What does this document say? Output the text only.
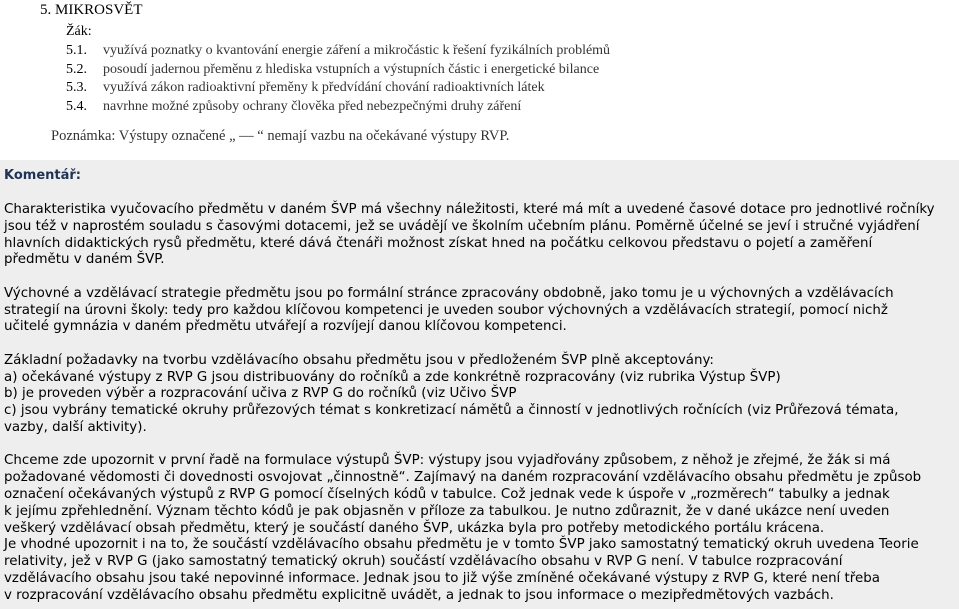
5. MIKROSVĚT
Žák:
5.1. využívá poznatky o kvantování energie záření a mikročástic k řešení fyzikálních problémů
5.2. posoudí jadernou přeměnu z hlediska vstupních a výstupních částic i energetické bilance
5.3. využívá zákon radioaktivní přeměny k předvídání chování radioaktivních látek
5.4. navrhne možné způsoby ochrany člověka před nebezpečnými druhy záření
Poznámka: Výstupy označené „ — “ nemají vazbu na očekávané výstupy RVP.
Komentář:

Charakteristika vyučovacího předmětu v daném ŠVP má všechny náležitosti, které má mít a uvedené časové dotace pro jednotlivé ročníky
jsou též v naprostém souladu s časovými dotacemi, jež se uvádějí ve školním učebním plánu. Poměrně účelné se jeví i stručné vyjádření
hlavních didaktických rysů předmětu, které dává čtenáři možnost získat hned na počátku celkovou představu o pojetí a zaměření
předmětu v daném ŠVP.

Výchovné a vzdělávací strategie předmětu jsou po formální stránce zpracovány obdobně, jako tomu je u výchovných a vzdělávacích
strategií na úrovni školy: tedy pro každou klíčovou kompetenci je uveden soubor výchovných a vzdělávacích strategií, pomocí nichž
učitelé gymnázia v daném předmětu utvářejí a rozvíjejí danou klíčovou kompetenci.

Základní požadavky na tvorbu vzdělávacího obsahu předmětu jsou v předloženém ŠVP plně akceptovány:
a) očekávané výstupy z RVP G jsou distribuovány do ročníků a zde konkrétně rozpracovány (viz rubrika Výstup ŠVP)
b) je proveden výběr a rozpracování učiva z RVP G do ročníků (viz Učivo ŠVP
c) jsou vybrány tematické okruhy průřezových témat s konkretizací námětů a činností v jednotlivých ročnících (viz Průřezová témata,
vazby, další aktivity).

Chceme zde upozornit v první řadě na formulace výstupů ŠVP: výstupy jsou vyjadřovány způsobem, z něhož je zřejmé, že žák si má
požadované vědomosti či dovednosti osvojovat „činnostně“. Zajímavý na daném rozpracování vzdělávacího obsahu předmětu je způsob
označení očekávaných výstupů z RVP G pomocí číselných kódů v tabulce. Což jednak vede k úspoře v „rozměrech“ tabulky a jednak
k jejímu zpřehlednění. Význam těchto kódů je pak objasněn v příloze za tabulkou. Je nutno zdůraznit, že v dané ukázce není uveden
veškerý vzdělávací obsah předmětu, který je součástí daného ŠVP, ukázka byla pro potřeby metodického portálu krácena.
Je vhodné upozornit i na to, že součástí vzdělávacího obsahu předmětu je v tomto ŠVP jako samostatný tematický okruh uvedena Teorie
relativity, jež v RVP G (jako samostatný tematický okruh) součástí vzdělávacího obsahu v RVP G není. V tabulce rozpracování
vzdělávacího obsahu jsou také nepovinné informace. Jednak jsou to již výše zmíněné očekávané výstupy z RVP G, které není třeba
v rozpracování vzdělávacího obsahu předmětu explicitně uvádět, a jednak to jsou informace o mezipředmětových vazbách.
